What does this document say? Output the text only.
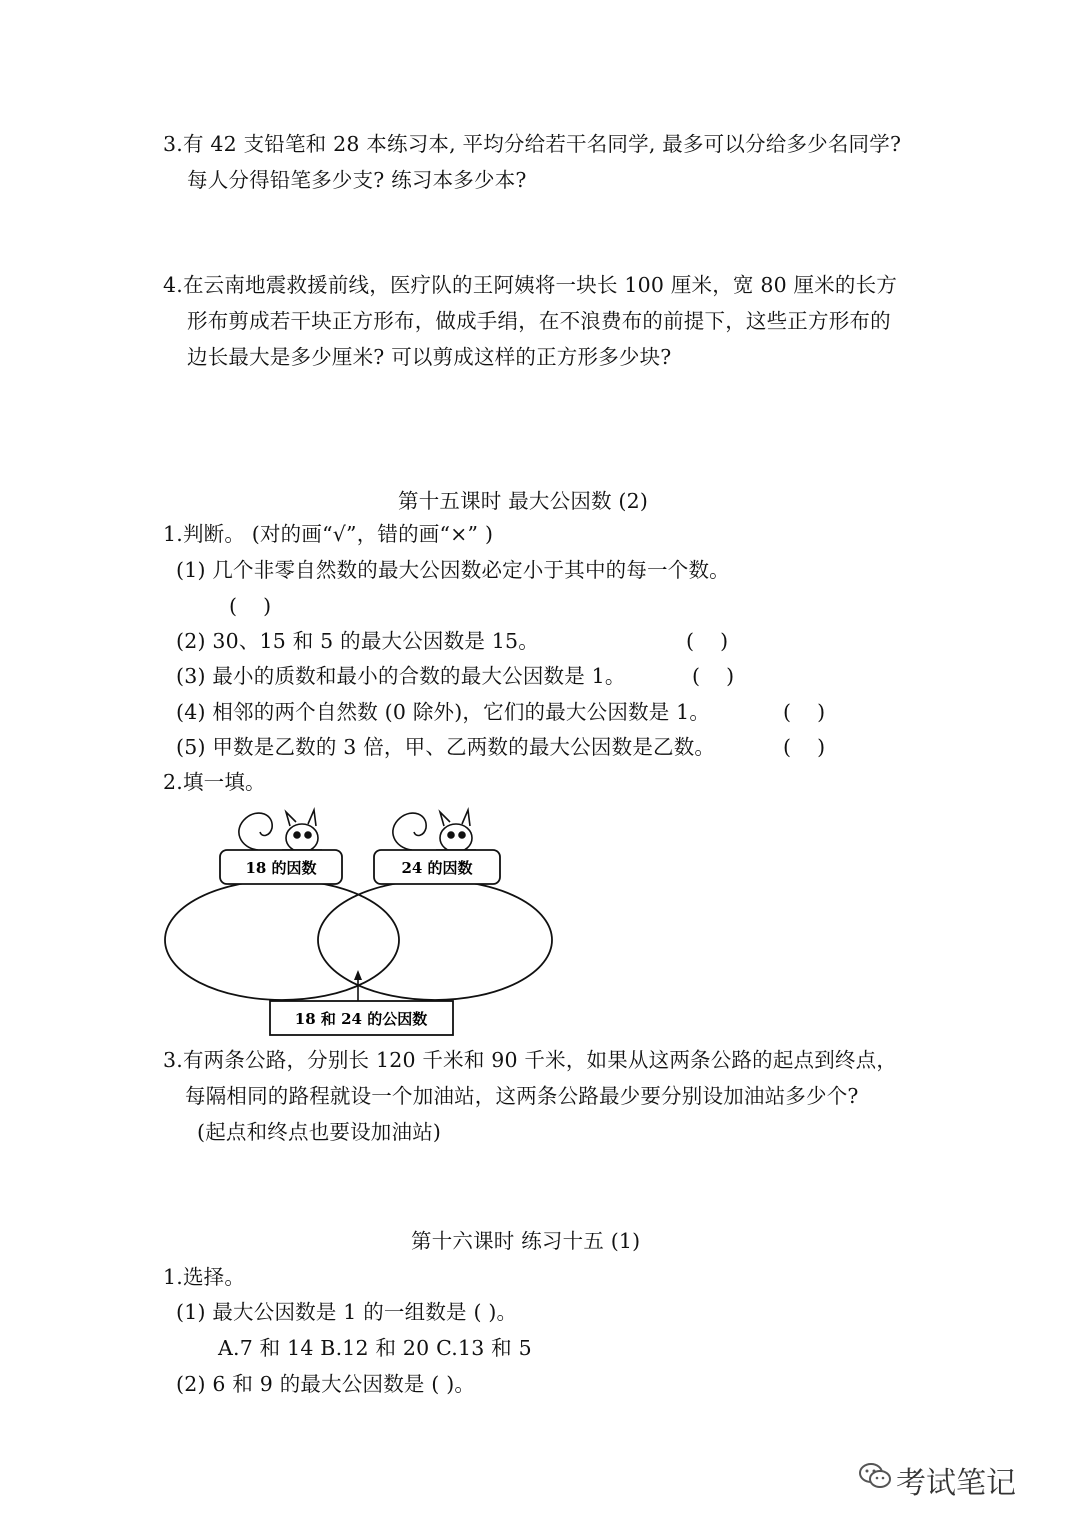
3.有 42 支铅笔和 28 本练习本, 平均分给若干名同学, 最多可以分给多少名同学?
每人分得铅笔多少支? 练习本多少本?
4.在云南地震救援前线，医疗队的王阿姨将一块长 100 厘米，宽 80 厘米的长方
形布剪成若干块正方形布，做成手绢，在不浪费布的前提下，这些正方形布的
边长最大是多少厘米? 可以剪成这样的正方形多少块?
第十五课时 最大公因数 (2)
1.判断。 (对的画“√”，错的画“×” )
(1) 几个非零自然数的最大公因数必定小于其中的每一个数。
(    )
(2) 30、15 和 5 的最大公因数是 15。	(    )
(3) 最小的质数和最小的合数的最大公因数是 1。	(    )
(4) 相邻的两个自然数 (0 除外)，它们的最大公因数是 1。	(    )
(5) 甲数是乙数的 3 倍，甲、乙两数的最大公因数是乙数。	(    )
2.填一填。
18 的因数	24 的因数
18 和 24 的公因数
3.有两条公路，分别长 120 千米和 90 千米，如果从这两条公路的起点到终点，
每隔相同的路程就设一个加油站，这两条公路最少要分别设加油站多少个?
(起点和终点也要设加油站)
第十六课时 练习十五 (1)
1.选择。
(1) 最大公因数是 1 的一组数是 ( )。
A.7 和 14 B.12 和 20 C.13 和 5
(2) 6 和 9 的最大公因数是 ( )。
考试笔记
